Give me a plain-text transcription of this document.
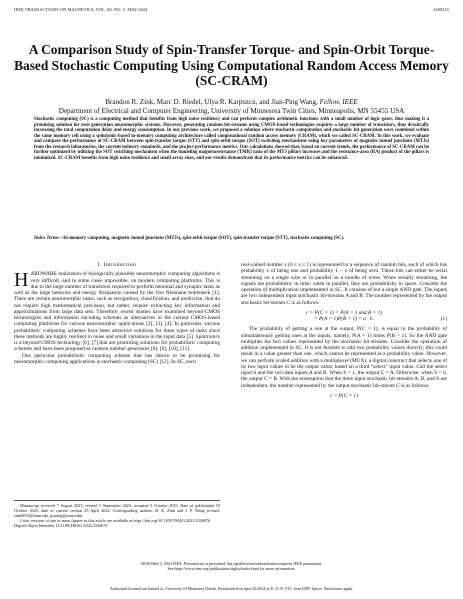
IEEE TRANSACTIONS ON MAGNETICS, VOL. 60, NO. 5, MAY 2024	3400215
A Comparison Study of Spin-Transfer Torque- and Spin-Orbit Torque-Based Stochastic Computing Using Computational Random Access Memory (SC-CRAM)
Brandon R. Zink, Marc D. Riedel, Ulya R. Karpuzcu, and Jian-Ping Wang, Fellow, IEEE
Department of Electrical and Computer Engineering, University of Minnesota Twin Cities, Minneapolis, MN 55455 USA
Stochastic computing (SC) is a computing method that benefits from high noise resiliency and can perform complex arithmetic functions with a small number of logic gates, thus making it a promising solution for next generation neuromorphic systems. However, generating random bit-streams using CMOS-based technologies requires a large number of transistors, thus drastically increasing the total computation delay and energy consumption. In our previous work, we proposed a solution where stochastic computation and stochastic bit generation were combined within the same memory cell using a spintronic-based in-memory computing architecture called computational random access memory (CRAM), which we called SC-CRAM. In this work, we evaluate and compare the performance of SC-CRAM between spin-transfer torque (STT) and spin-orbit torque (SOT) switching mechanisms using key parameters of magnetic tunnel junctions (MTJs) from the research laboratories, the current industry standards, and the project performance metrics. Our calculations showed that, based on current trends, the performance of SC-CRAM can be further optimized by utilizing the SOT switching mechanism when the tunneling magnetoresistance (TMR) ratio of the MTJ pillars increases and the resistance-area (RA) product of the pillars is minimized. SC-CRAM benefits from high noise resilience and small array sizes, and our results demonstrate that its performance metrics can be enhanced.
Index Terms—In-memory computing, magnetic tunnel junctions (MTJs), spin-orbit torque (SOT), spin-transfer torque (STT), stochastic computing (SC).
I. Introduction

HARDWARE realization of biologically plausible neuromorphic computing algorithms is very difficult, and in some cases impossible, on modern computing platforms. This is due to the large number of transistors required to perform neuronal and synaptic tasks as well as the large latencies and energy dissipation caused by the Von Neumann bottleneck [1]. There are certain neuromorphic tasks, such as recognition, classification, and prediction, that do not require high mathematical precision, but rather, require extracting key information and approximations from large data sets. Therefore, recent studies have examined beyond-CMOS technologies and information encoding schemes as alternatives to the current CMOS-based computing platforms for various neuromorphic applications [2], [3], [4]. In particular, various probabilistic computing schemes have been attractive solutions for these types of tasks since these methods are highly resilient to noise and small variations in the input data [5]. Spintronics is a beyond-CMOS technology [6], [7] that are promising solutions for probabilistic computing schemes and have been proposed as random number generators [8], [9], [10], [11].

One particular probabilistic computing scheme that has shown to be promising for neuromorphic computing applications is stochastic computing (SC) [12]. In SC, each

Manuscript received 7 August 2023; revised 5 September 2023; accepted 3 October 2023. Date of publication 19 October 2023; date of current version 25 April 2024. Corresponding authors: B. R. Zink and J. P. Wang (e-mail: zink0050@umn.edu; jpwang@umn.edu).

Color versions of one or more figures in this article are available at https://doi.org/10.1109/TMAG.2023.3326076.

Digital Object Identifier 10.1109/TMAG.2023.3326076

real-valued number x (0 ≤ x ≤ 1) is represented by a sequence of random bits, each of which has probability x of being one and probability 1 − x of being zero. These bits can either be serial streaming on a single wire or in parallel on a bundle of wires. When serially streaming, the signals are probabilistic in time; when in parallel, they are probabilistic in space. Consider the operation of multiplication implemented in SC. It consists of but a single AND gate. The inputs are two independent input stochastic bit-streams A and B. The number represented by the output stochastic bit-stream C is as follows:

c = P(C = 1) = P(A = 1 and B = 1)
= P(A = 1)P(B = 1) = a · b.	(1)

The probability of getting a one at the output, P(C = 1), is equal to the probability of simultaneously getting ones at the inputs, namely, P(A = 1) times P(B = 1). So the AND gate multiplies the two values represented by the stochastic bit-streams. Consider the operation of addition implemented in SC. It is not feasible to add two probability values directly; this could result in a value greater than one, which cannot be represented as a probability value. However, we can perform scaled addition with a multiplexer (MUX), a digital construct that selects one of its two input values to be the output value, based on a third “select” input value. Call the select input S and the two data inputs A and B. When S = 1, the output C = A. Otherwise, when S = 0, the output C = B. With the assumption that the three input stochastic bit-streams A, B, and S are independent, the number represented by the output stochastic bit-stream C is as follows:

c = P(C = 1)
0018-9464 © 2023 IEEE. Personal use is permitted, but republication/redistribution requires IEEE permission.
See https://www.ieee.org/publications/rights/index.html for more information.
Authorized licensed use limited to: University Of Minnesota Duluth. Downloaded on April 29,2024 at 21:27:51 UTC from IEEE Xplore. Restrictions apply.
